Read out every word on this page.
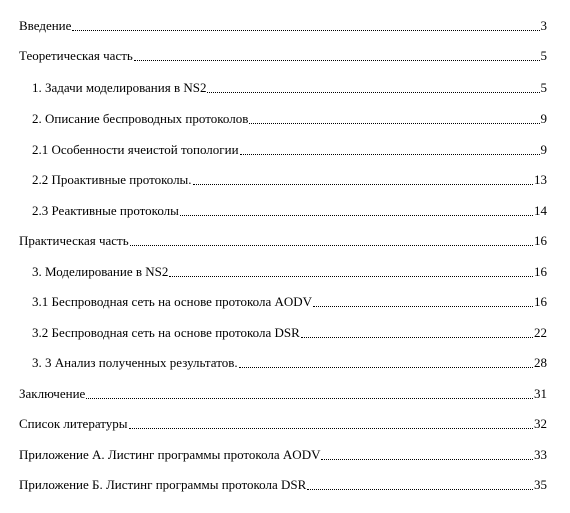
Введение	3
Теоретическая часть	5
1. Задачи моделирования в NS2	5
2. Описание беспроводных протоколов	9
2.1 Особенности ячеистой топологии	9
2.2 Проактивные протоколы.	13
2.3 Реактивные протоколы	14
Практическая часть	16
3. Моделирование в NS2	16
3.1 Беспроводная сеть на основе протокола AODV	16
3.2 Беспроводная сеть на основе протокола DSR	22
3. 3 Анализ полученных результатов.	28
Заключение	31
Список литературы	32
Приложение А. Листинг программы протокола AODV	33
Приложение Б. Листинг программы протокола DSR	35
